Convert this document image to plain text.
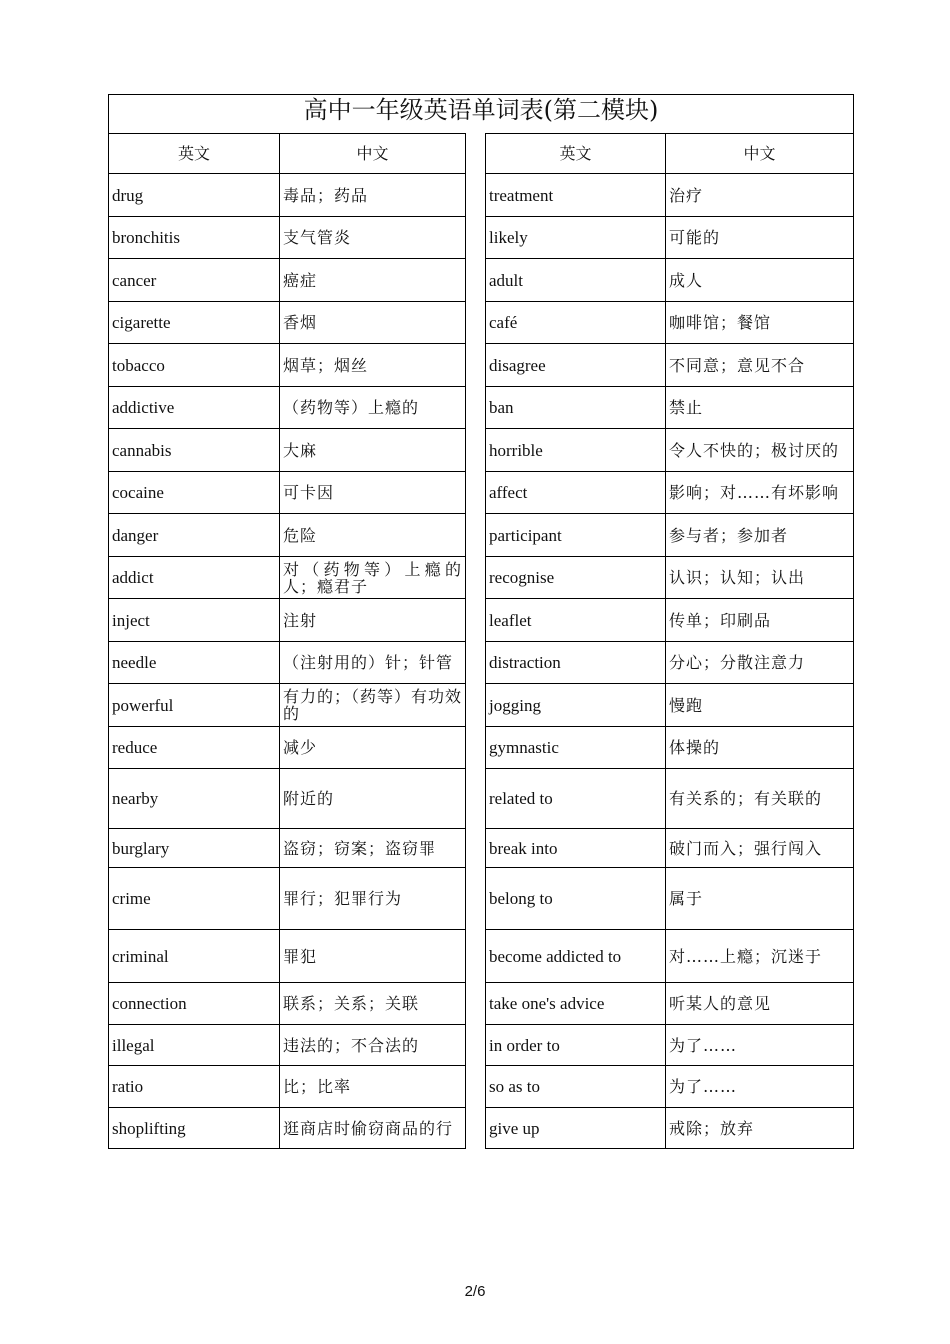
高中一年级英语单词表(第二模块)
英文	中文		英文	中文
drug	毒品；药品		treatment	治疗
bronchitis	支气管炎		likely	可能的
cancer	癌症		adult	成人
cigarette	香烟		café	咖啡馆；餐馆
tobacco	烟草；烟丝		disagree	不同意；意见不合
addictive	（药物等）上瘾的		ban	禁止
cannabis	大麻		horrible	令人不快的；极讨厌的
cocaine	可卡因		affect	影响；对……有坏影响
danger	危险		participant	参与者；参加者
addict	对（药物等）上瘾的人；瘾君子		recognise	认识；认知；认出
inject	注射		leaflet	传单；印刷品
needle	（注射用的）针；针管		distraction	分心；分散注意力
powerful	有力的；（药等）有功效的		jogging	慢跑
reduce	减少		gymnastic	体操的
nearby	附近的		related to	有关系的；有关联的
burglary	盗窃；窃案；盗窃罪		break into	破门而入；强行闯入
crime	罪行；犯罪行为		belong to	属于
criminal	罪犯		become addicted to	对……上瘾；沉迷于
connection	联系；关系；关联		take one's advice	听某人的意见
illegal	违法的；不合法的		in order to	为了……
ratio	比；比率		so as to	为了……
shoplifting	逛商店时偷窃商品的行		give up	戒除；放弃
2/6
